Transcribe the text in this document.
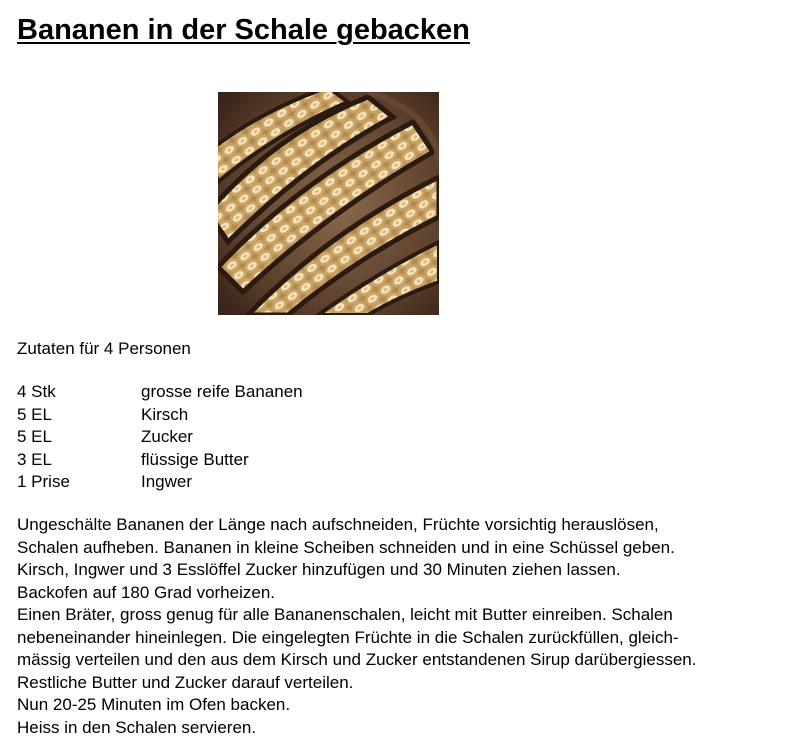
Bananen in der Schale gebacken
Zutaten für 4 Personen
4 Stk	grosse reife Bananen
5 EL	Kirsch
5 EL	Zucker
3 EL	flüssige Butter
1 Prise	Ingwer
Ungeschälte Bananen der Länge nach aufschneiden, Früchte vorsichtig herauslösen,
Schalen aufheben. Bananen in kleine Scheiben schneiden und in eine Schüssel geben.
Kirsch, Ingwer und 3 Esslöffel Zucker hinzufügen und 30 Minuten ziehen lassen.
Backofen auf 180 Grad vorheizen.
Einen Bräter, gross genug für alle Bananenschalen, leicht mit Butter einreiben. Schalen
nebeneinander hineinlegen. Die eingelegten Früchte in die Schalen zurückfüllen, gleich-
mässig verteilen und den aus dem Kirsch und Zucker entstandenen Sirup darübergiessen.
Restliche Butter und Zucker darauf verteilen.
Nun 20-25 Minuten im Ofen backen.
Heiss in den Schalen servieren.
